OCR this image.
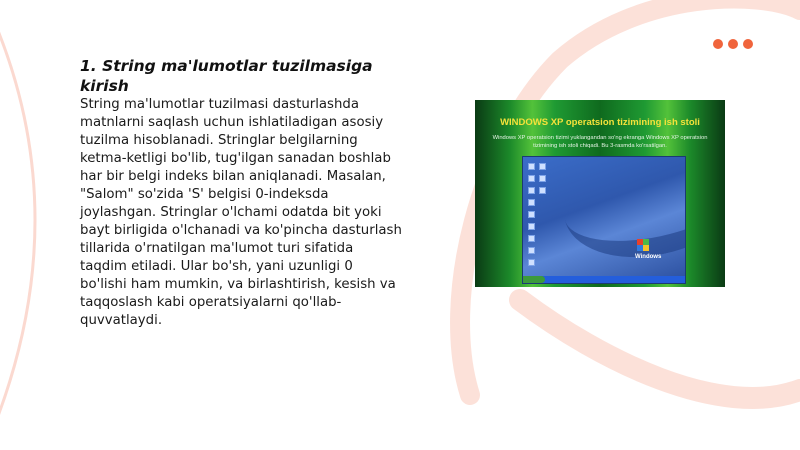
1. String ma'lumotlar tuzilmasiga kirish

String ma'lumotlar tuzilmasi dasturlashda matnlarni saqlash uchun ishlatiladigan asosiy tuzilma hisoblanadi. Stringlar belgilarning ketma-ketligi bo'lib, tug'ilgan sanadan boshlab har bir belgi indeks bilan aniqlanadi. Masalan, "Salom" so'zida 'S' belgisi 0-indeksda joylashgan. Stringlar o'lchami odatda bit yoki bayt birligida o'lchanadi va ko'pincha dasturlash tillarida o'rnatilgan ma'lumot turi sifatida taqdim etiladi. Ular bo'sh, yani uzunligi 0 bo'lishi ham mumkin, va birlashtirish, kesish va taqqoslash kabi operatsiyalarni qo'llab-quvvatlaydi.

WINDOWS XP operatsion tizimining ish stoli
Windows XP operatsion tizimi yuklangandan so'ng ekranga Windows XP operatsion tizimining ish stoli chiqadi. Bu 3-rasmda ko'rsatilgan.
Windows
